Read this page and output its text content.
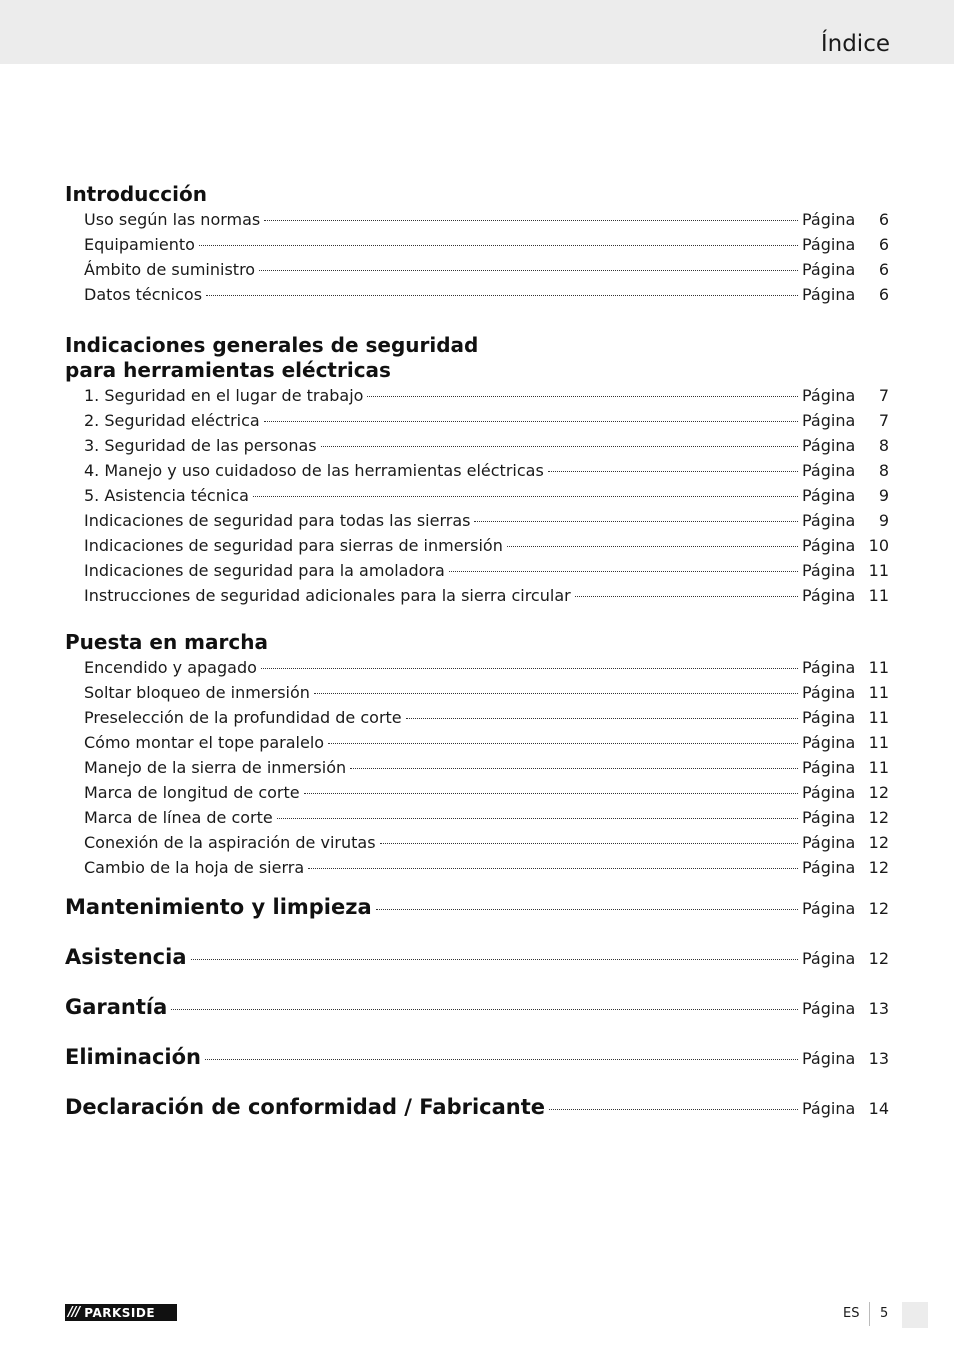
Índice
Introducción
Uso según las normas	Página	6
Equipamiento	Página	6
Ámbito de suministro	Página	6
Datos técnicos	Página	6
Indicaciones generales de seguridad
para herramientas eléctricas
1. Seguridad en el lugar de trabajo	Página	7
2. Seguridad eléctrica	Página	7
3. Seguridad de las personas	Página	8
4. Manejo y uso cuidadoso de las herramientas eléctricas	Página	8
5. Asistencia técnica	Página	9
Indicaciones de seguridad para todas las sierras	Página	9
Indicaciones de seguridad para sierras de inmersión	Página 10
Indicaciones de seguridad para la amoladora	Página 11
Instrucciones de seguridad adicionales para la sierra circular	Página 11
Puesta en marcha
Encendido y apagado	Página 11
Soltar bloqueo de inmersión	Página 11
Preselección de la profundidad de corte	Página 11
Cómo montar el tope paralelo	Página 11
Manejo de la sierra de inmersión	Página 11
Marca de longitud de corte	Página 12
Marca de línea de corte	Página 12
Conexión de la aspiración de virutas	Página 12
Cambio de la hoja de sierra	Página 12
Mantenimiento y limpieza	Página 12
Asistencia	Página 12
Garantía	Página 13
Eliminación	Página 13
Declaración de conformidad / Fabricante	Página 14
/// PARKSIDE	ES 5
